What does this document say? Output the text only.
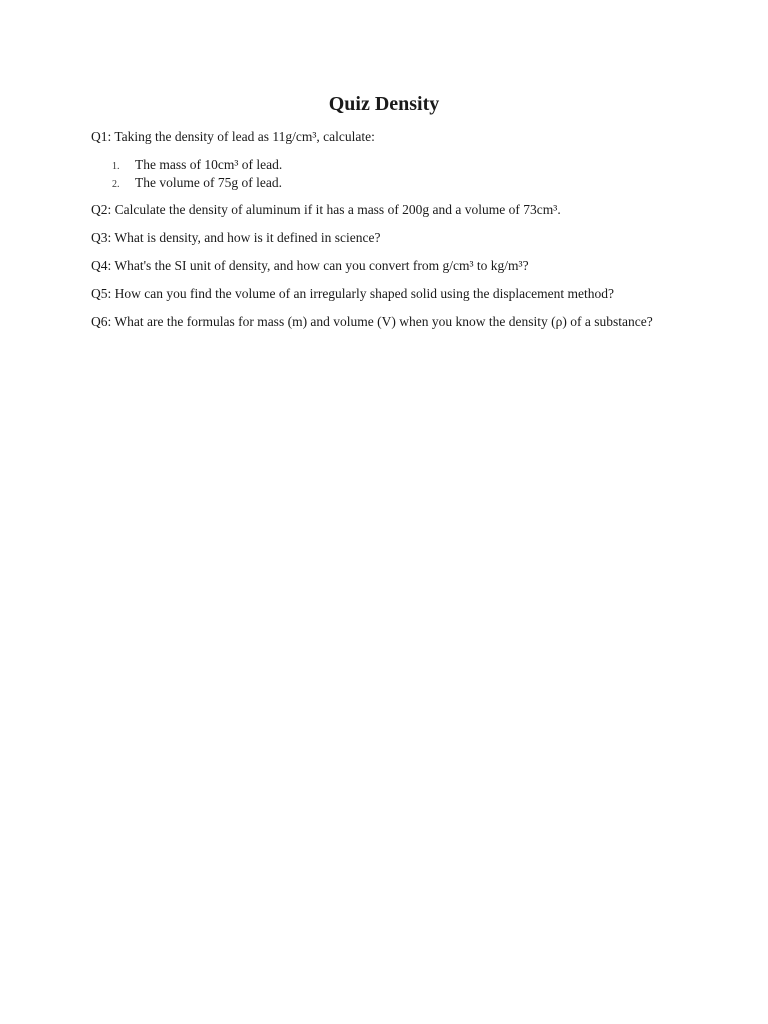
Quiz Density

Q1: Taking the density of lead as 11g/cm³, calculate:

1. The mass of 10cm³ of lead.
2. The volume of 75g of lead.

Q2: Calculate the density of aluminum if it has a mass of 200g and a volume of 73cm³.

Q3: What is density, and how is it defined in science?

Q4: What's the SI unit of density, and how can you convert from g/cm³ to kg/m³?

Q5: How can you find the volume of an irregularly shaped solid using the displacement method?

Q6: What are the formulas for mass (m) and volume (V) when you know the density (ρ) of a substance?
